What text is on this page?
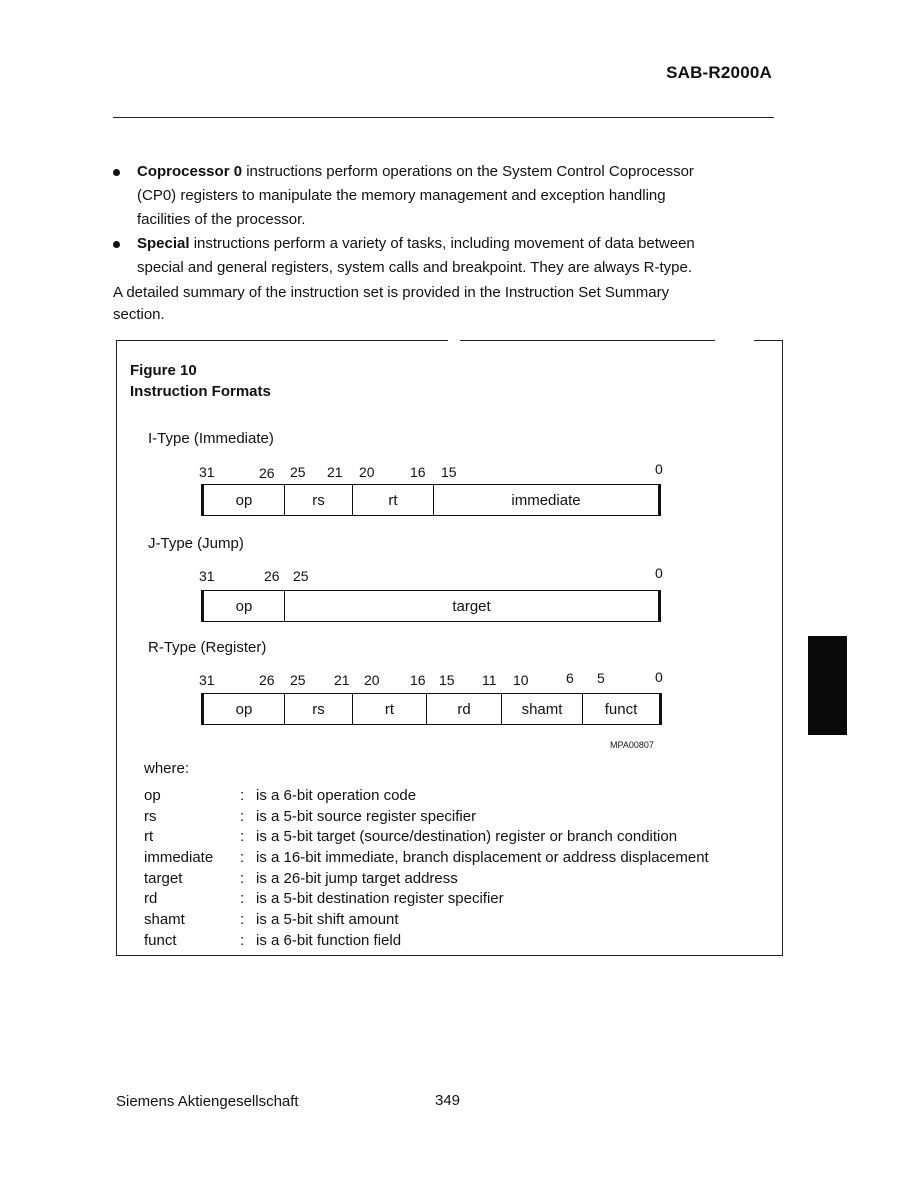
SAB-R2000A
Coprocessor 0 instructions perform operations on the System Control Coprocessor
(CP0) registers to manipulate the memory management and exception handling
facilities of the processor.
Special instructions perform a variety of tasks, including movement of data between
special and general registers, system calls and breakpoint. They are always R-type.
A detailed summary of the instruction set is provided in the Instruction Set Summary
section.
Figure 10
Instruction Formats
I-Type (Immediate)
31	26 25 21 20	16 15	0
op	rs	rt	immediate
J-Type (Jump)
31	26 25	0
op	target
R-Type (Register)
31	26 25 21 20 16 15 11 10	6 5	0
op	rs	rt	rd	shamt	funct
MPA00807
where:
op	: is a 6-bit operation code
rs	: is a 5-bit source register specifier
rt	: is a 5-bit target (source/destination) register or branch condition
immediate : is a 16-bit immediate, branch displacement or address displacement
target	: is a 26-bit jump target address
rd	: is a 5-bit destination register specifier
shamt	: is a 5-bit shift amount
funct	: is a 6-bit function field
Siemens Aktiengesellschaft	349
